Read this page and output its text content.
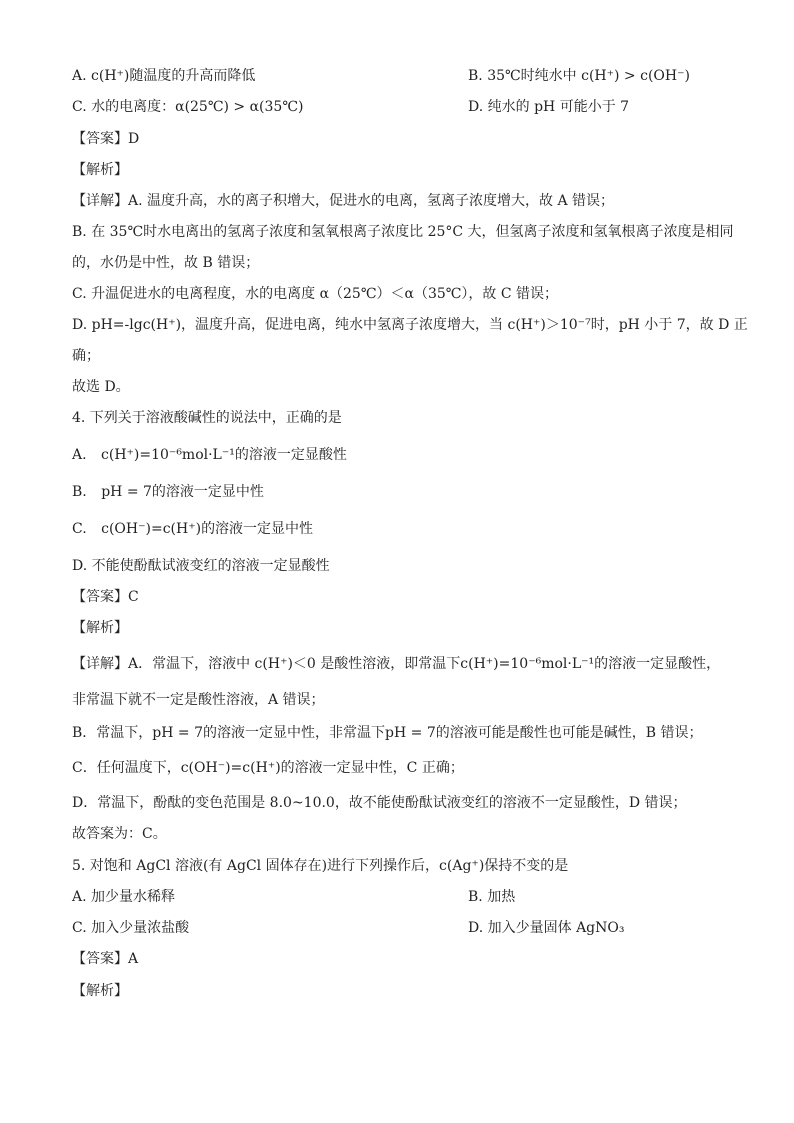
A. c(H⁺)随温度的升高而降低	B. 35℃时纯水中 c(H⁺) > c(OH⁻)
C. 水的电离度：α(25℃) > α(35℃)	D. 纯水的 pH 可能小于 7
【答案】D
【解析】
【详解】A. 温度升高，水的离子积增大，促进水的电离，氢离子浓度增大，故 A 错误；
B. 在 35℃时水电离出的氢离子浓度和氢氧根离子浓度比 25°C 大，但氢离子浓度和氢氧根离子浓度是相同
的，水仍是中性，故 B 错误；
C. 升温促进水的电离程度，水的电离度 α（25℃）＜α（35℃），故 C 错误；
D. pH=-lgc(H⁺)，温度升高，促进电离，纯水中氢离子浓度增大，当 c(H⁺)＞10⁻⁷时，pH 小于 7，故 D 正
确；
故选 D。
4. 下列关于溶液酸碱性的说法中，正确的是
A. c(H⁺)=10⁻⁶mol·L⁻¹的溶液一定显酸性
B. pH = 7的溶液一定显中性
C. c(OH⁻)=c(H⁺)的溶液一定显中性
D. 不能使酚酞试液变红的溶液一定显酸性
【答案】C
【解析】
【详解】A．常温下，溶液中 c(H⁺)＜0 是酸性溶液，即常温下c(H⁺)=10⁻⁶mol·L⁻¹的溶液一定显酸性，
非常温下就不一定是酸性溶液，A 错误；
B．常温下，pH = 7的溶液一定显中性，非常温下pH = 7的溶液可能是酸性也可能是碱性，B 错误；
C．任何温度下，c(OH⁻)=c(H⁺)的溶液一定显中性，C 正确；
D．常温下，酚酞的变色范围是 8.0~10.0，故不能使酚酞试液变红的溶液不一定显酸性，D 错误；
故答案为：C。
5. 对饱和 AgCl 溶液(有 AgCl 固体存在)进行下列操作后，c(Ag⁺)保持不变的是
A. 加少量水稀释	B. 加热
C. 加入少量浓盐酸	D. 加入少量固体 AgNO₃
【答案】A
【解析】
